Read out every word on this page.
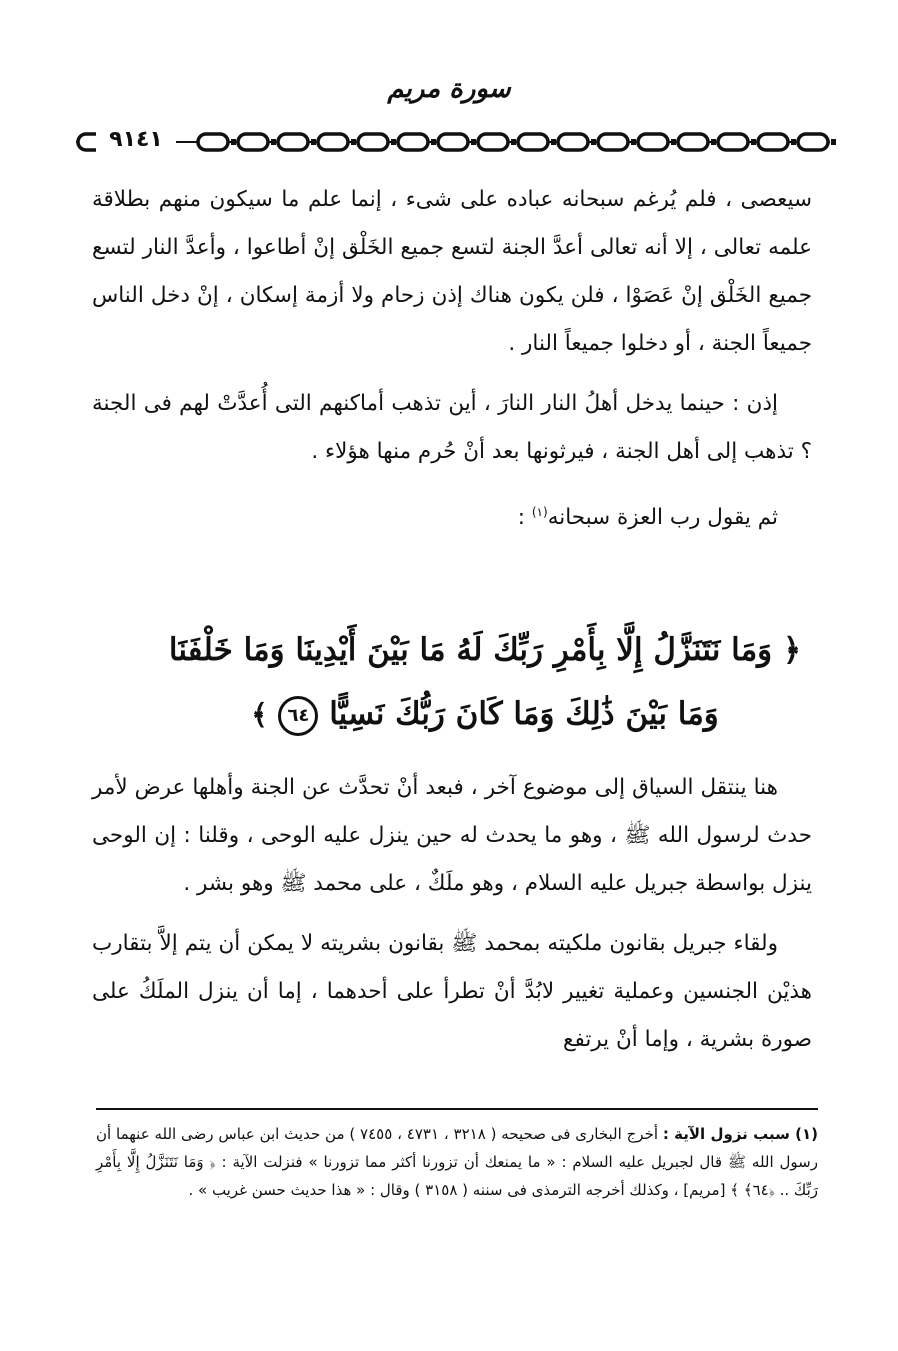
سورة مريم
٩١٤١

سيعصى ، فلم يُرغم سبحانه عباده على شىء ، إنما علم ما سيكون منهم بطلاقة علمه تعالى ، إلا أنه تعالى أعدَّ الجنة لتسع جميع الخَلْق إنْ أطاعوا ، وأعدَّ النار لتسع جميع الخَلْق إنْ عَصَوْا ، فلن يكون هناك إذن زحام ولا أزمة إسكان ، إنْ دخل الناس جميعاً الجنة ، أو دخلوا جميعاً النار .

إذن : حينما يدخل أهلُ النار النارَ ، أين تذهب أماكنهم التى أُعدَّتْ لهم فى الجنة ؟ تذهب إلى أهل الجنة ، فيرثونها بعد أنْ حُرم منها هؤلاء .

ثم يقول رب العزة سبحانه$^{(١)}$ :

﴿ وَمَا نَتَنَزَّلُ إِلَّا بِأَمْرِ رَبِّكَ لَهُ مَا بَيْنَ أَيْدِينَا وَمَا خَلْفَنَا
وَمَا بَيْنَ ذَٰلِكَ وَمَا كَانَ رَبُّكَ نَسِيًّا ٦٤ ﴾

هنا ينتقل السياق إلى موضوع آخر ، فبعد أنْ تحدَّث عن الجنة وأهلها عرض لأمر حدث لرسول الله ﷺ ، وهو ما يحدث له حين ينزل عليه الوحى ، وقلنا : إن الوحى ينزل بواسطة جبريل عليه السلام ، وهو ملَكٌ ، على محمد ﷺ وهو بشر .

ولقاء جبريل بقانون ملكيته بمحمد ﷺ بقانون بشريته لا يمكن أن يتم إلاَّ بتقارب هذيْن الجنسين وعملية تغيير لابُدَّ أنْ تطرأ على أحدهما ، إما أن ينزل الملَكُ على صورة بشرية ، وإما أنْ يرتفع

(١) سبب نزول الآية : أخرج البخارى فى صحيحه ( ٣٢١٨ ، ٤٧٣١ ، ٧٤٥٥ ) من حديث ابن عباس رضى الله عنهما أن رسول الله ﷺ قال لجبريل عليه السلام : « ما يمنعك أن تزورنا أكثر مما تزورنا » فنزلت الآية : ﴿ وَمَا نَتَنَزَّلُ إِلَّا بِأَمْرِ رَبِّكَ .. ﴿٦٤﴾ ﴾ [مريم] ، وكذلك أخرجه الترمذى فى سننه ( ٣١٥٨ ) وقال : « هذا حديث حسن غريب » .
